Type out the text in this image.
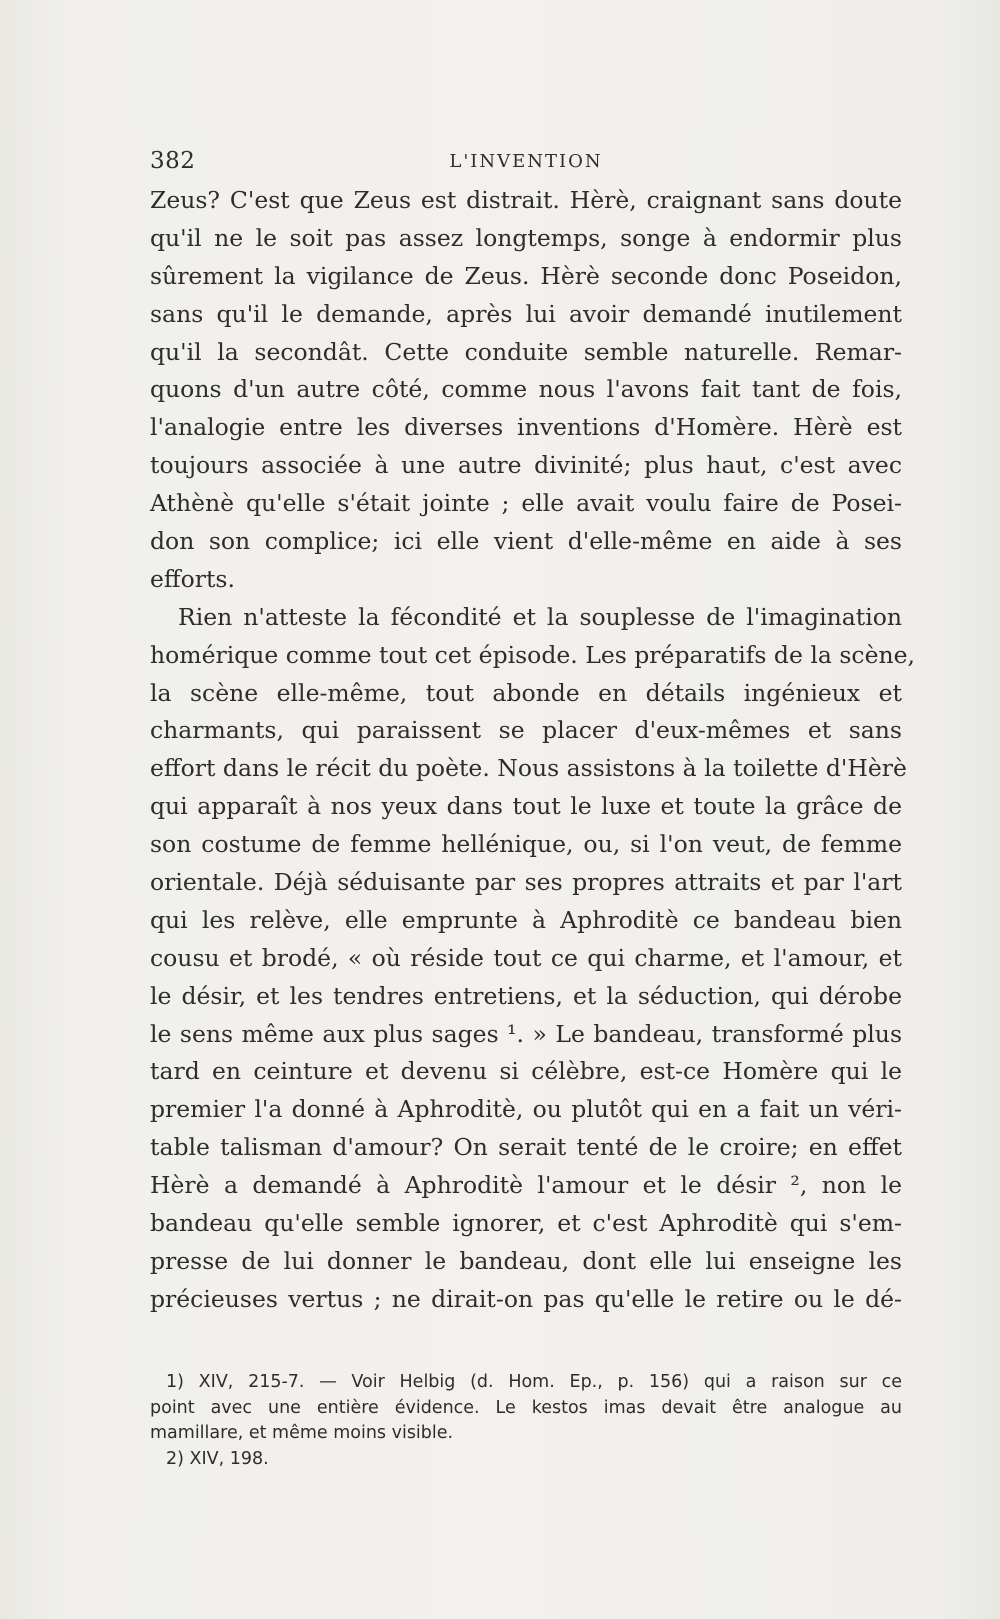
382	L'INVENTION
Zeus? C'est que Zeus est distrait. Hèrè, craignant sans doute
qu'il ne le soit pas assez longtemps, songe à endormir plus
sûrement la vigilance de Zeus. Hèrè seconde donc Poseidon,
sans qu'il le demande, après lui avoir demandé inutilement
qu'il la secondât. Cette conduite semble naturelle. Remar-
quons d'un autre côté, comme nous l'avons fait tant de fois,
l'analogie entre les diverses inventions d'Homère. Hèrè est
toujours associée à une autre divinité; plus haut, c'est avec
Athènè qu'elle s'était jointe ; elle avait voulu faire de Posei-
don son complice; ici elle vient d'elle-même en aide à ses
efforts.
Rien n'atteste la fécondité et la souplesse de l'imagination
homérique comme tout cet épisode. Les préparatifs de la scène,
la scène elle-même, tout abonde en détails ingénieux et
charmants, qui paraissent se placer d'eux-mêmes et sans
effort dans le récit du poète. Nous assistons à la toilette d'Hèrè
qui apparaît à nos yeux dans tout le luxe et toute la grâce de
son costume de femme hellénique, ou, si l'on veut, de femme
orientale. Déjà séduisante par ses propres attraits et par l'art
qui les relève, elle emprunte à Aphroditè ce bandeau bien
cousu et brodé, « où réside tout ce qui charme, et l'amour, et
le désir, et les tendres entretiens, et la séduction, qui dérobe
le sens même aux plus sages ¹. » Le bandeau, transformé plus
tard en ceinture et devenu si célèbre, est-ce Homère qui le
premier l'a donné à Aphroditè, ou plutôt qui en a fait un véri-
table talisman d'amour? On serait tenté de le croire; en effet
Hèrè a demandé à Aphroditè l'amour et le désir ², non le
bandeau qu'elle semble ignorer, et c'est Aphroditè qui s'em-
presse de lui donner le bandeau, dont elle lui enseigne les
précieuses vertus ; ne dirait-on pas qu'elle le retire ou le dé-
1) XIV, 215-7. — Voir Helbig (d. Hom. Ep., p. 156) qui a raison sur ce
point avec une entière évidence. Le kestos imas devait être analogue au
mamillare, et même moins visible.
2) XIV, 198.
